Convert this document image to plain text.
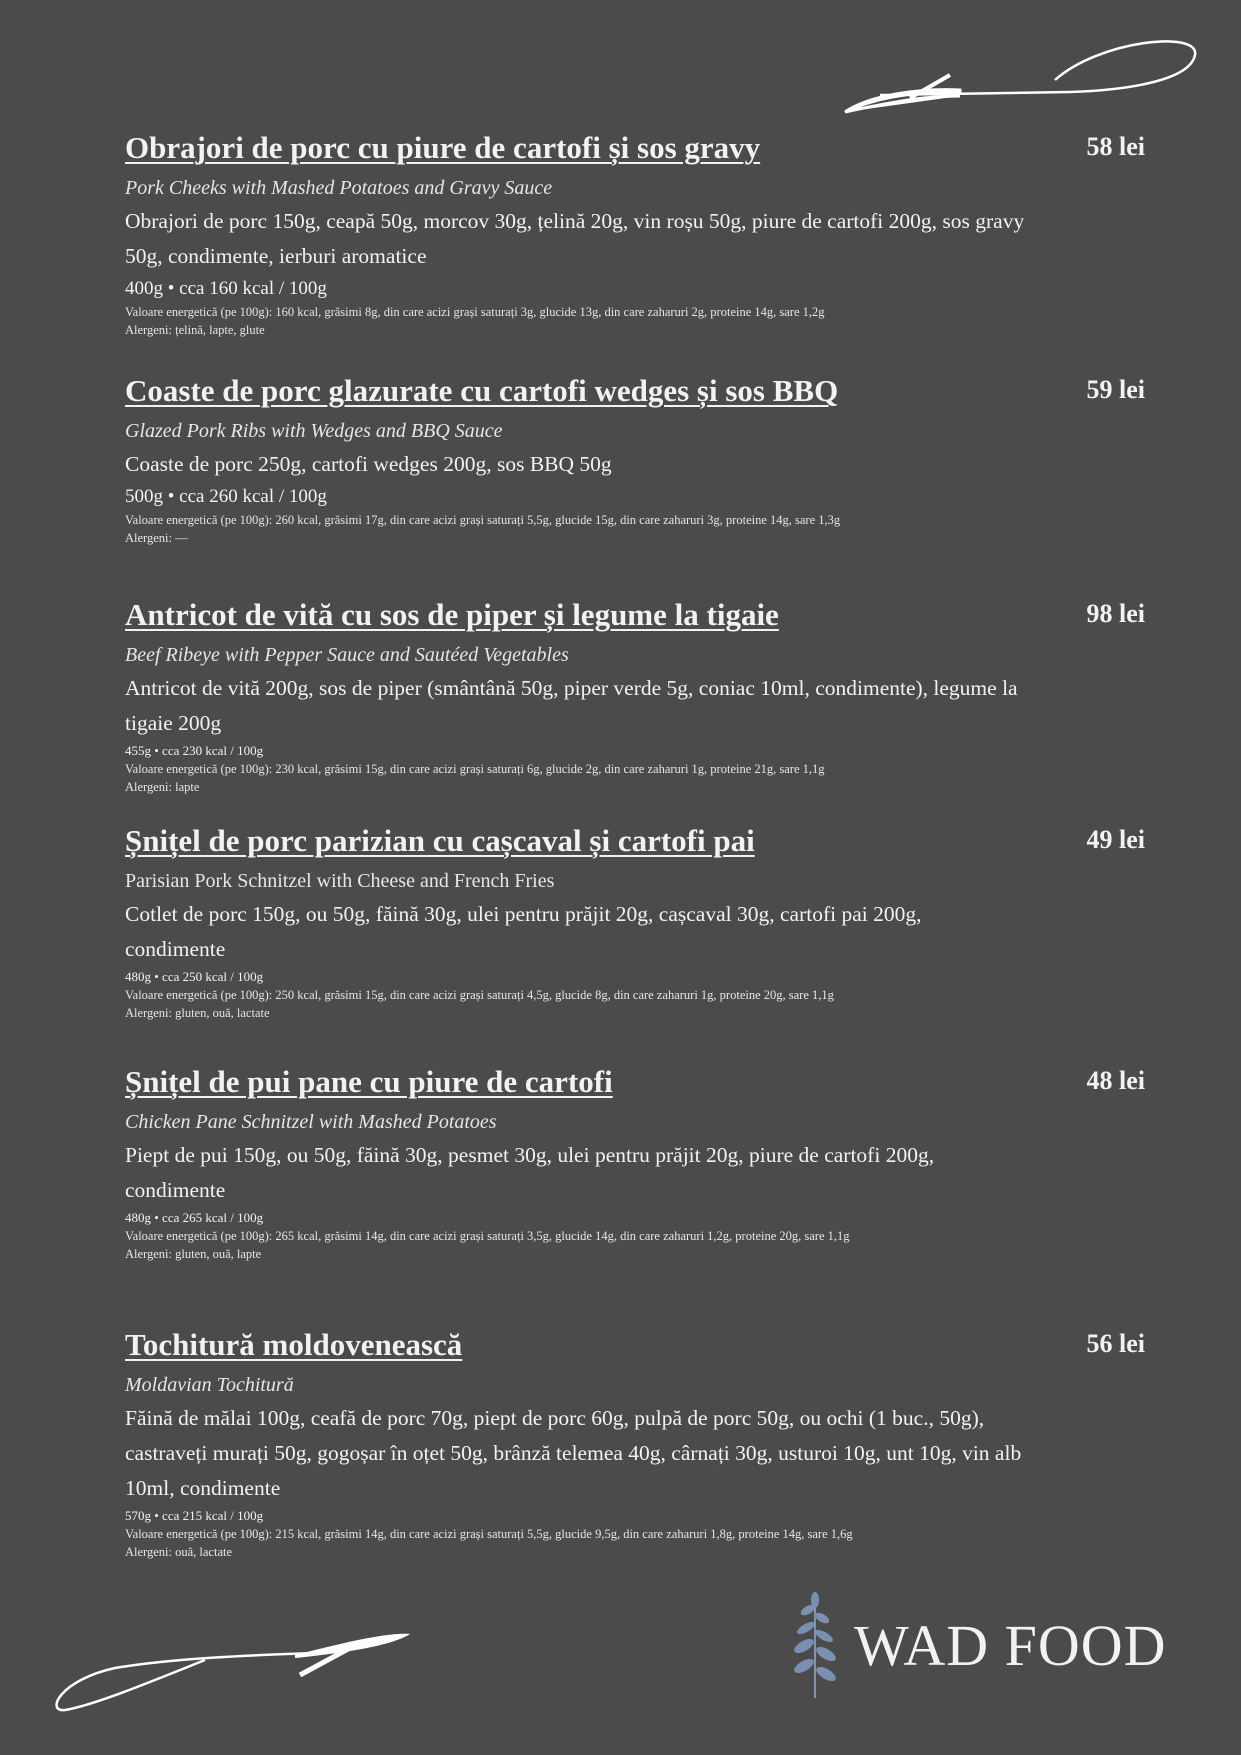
Obrajori de porc cu piure de cartofi și sos gravy	58 lei
Pork Cheeks with Mashed Potatoes and Gravy Sauce
Obrajori de porc 150g, ceapă 50g, morcov 30g, țelină 20g, vin roșu 50g, piure de cartofi 200g, sos gravy 50g, condimente, ierburi aromatice
400g • cca 160 kcal / 100g
Valoare energetică (pe 100g): 160 kcal, grăsimi 8g, din care acizi grași saturați 3g, glucide 13g, din care zaharuri 2g, proteine 14g, sare 1,2g
Alergeni: țelină, lapte, glute
Coaste de porc glazurate cu cartofi wedges și sos BBQ	59 lei
Glazed Pork Ribs with Wedges and BBQ Sauce
Coaste de porc 250g, cartofi wedges 200g, sos BBQ 50g
500g • cca 260 kcal / 100g
Valoare energetică (pe 100g): 260 kcal, grăsimi 17g, din care acizi grași saturați 5,5g, glucide 15g, din care zaharuri 3g, proteine 14g, sare 1,3g
Alergeni: —
Antricot de vită cu sos de piper și legume la tigaie	98 lei
Beef Ribeye with Pepper Sauce and Sautéed Vegetables
Antricot de vită 200g, sos de piper (smântână 50g, piper verde 5g, coniac 10ml, condimente), legume la tigaie 200g
455g • cca 230 kcal / 100g
Valoare energetică (pe 100g): 230 kcal, grăsimi 15g, din care acizi grași saturați 6g, glucide 2g, din care zaharuri 1g, proteine 21g, sare 1,1g
Alergeni: lapte
Șnițel de porc parizian cu cașcaval și cartofi pai	49 lei
Parisian Pork Schnitzel with Cheese and French Fries
Cotlet de porc 150g, ou 50g, făină 30g, ulei pentru prăjit 20g, cașcaval 30g, cartofi pai 200g, condimente
480g • cca 250 kcal / 100g
Valoare energetică (pe 100g): 250 kcal, grăsimi 15g, din care acizi grași saturați 4,5g, glucide 8g, din care zaharuri 1g, proteine 20g, sare 1,1g
Alergeni: gluten, ouă, lactate
Șnițel de pui pane cu piure de cartofi	48 lei
Chicken Pane Schnitzel with Mashed Potatoes
Piept de pui 150g, ou 50g, făină 30g, pesmet 30g, ulei pentru prăjit 20g, piure de cartofi 200g, condimente
480g • cca 265 kcal / 100g
Valoare energetică (pe 100g): 265 kcal, grăsimi 14g, din care acizi grași saturați 3,5g, glucide 14g, din care zaharuri 1,2g, proteine 20g, sare 1,1g
Alergeni: gluten, ouă, lapte
Tochitură moldovenească	56 lei
Moldavian Tochitură
Făină de mălai 100g, ceafă de porc 70g, piept de porc 60g, pulpă de porc 50g, ou ochi (1 buc., 50g), castraveți murați 50g, gogoșar în oțet 50g, brânză telemea 40g, cârnați 30g, usturoi 10g, unt 10g, vin alb 10ml, condimente
570g • cca 215 kcal / 100g
Valoare energetică (pe 100g): 215 kcal, grăsimi 14g, din care acizi grași saturați 5,5g, glucide 9,5g, din care zaharuri 1,8g, proteine 14g, sare 1,6g
Alergeni: ouă, lactate
WAD FOOD
